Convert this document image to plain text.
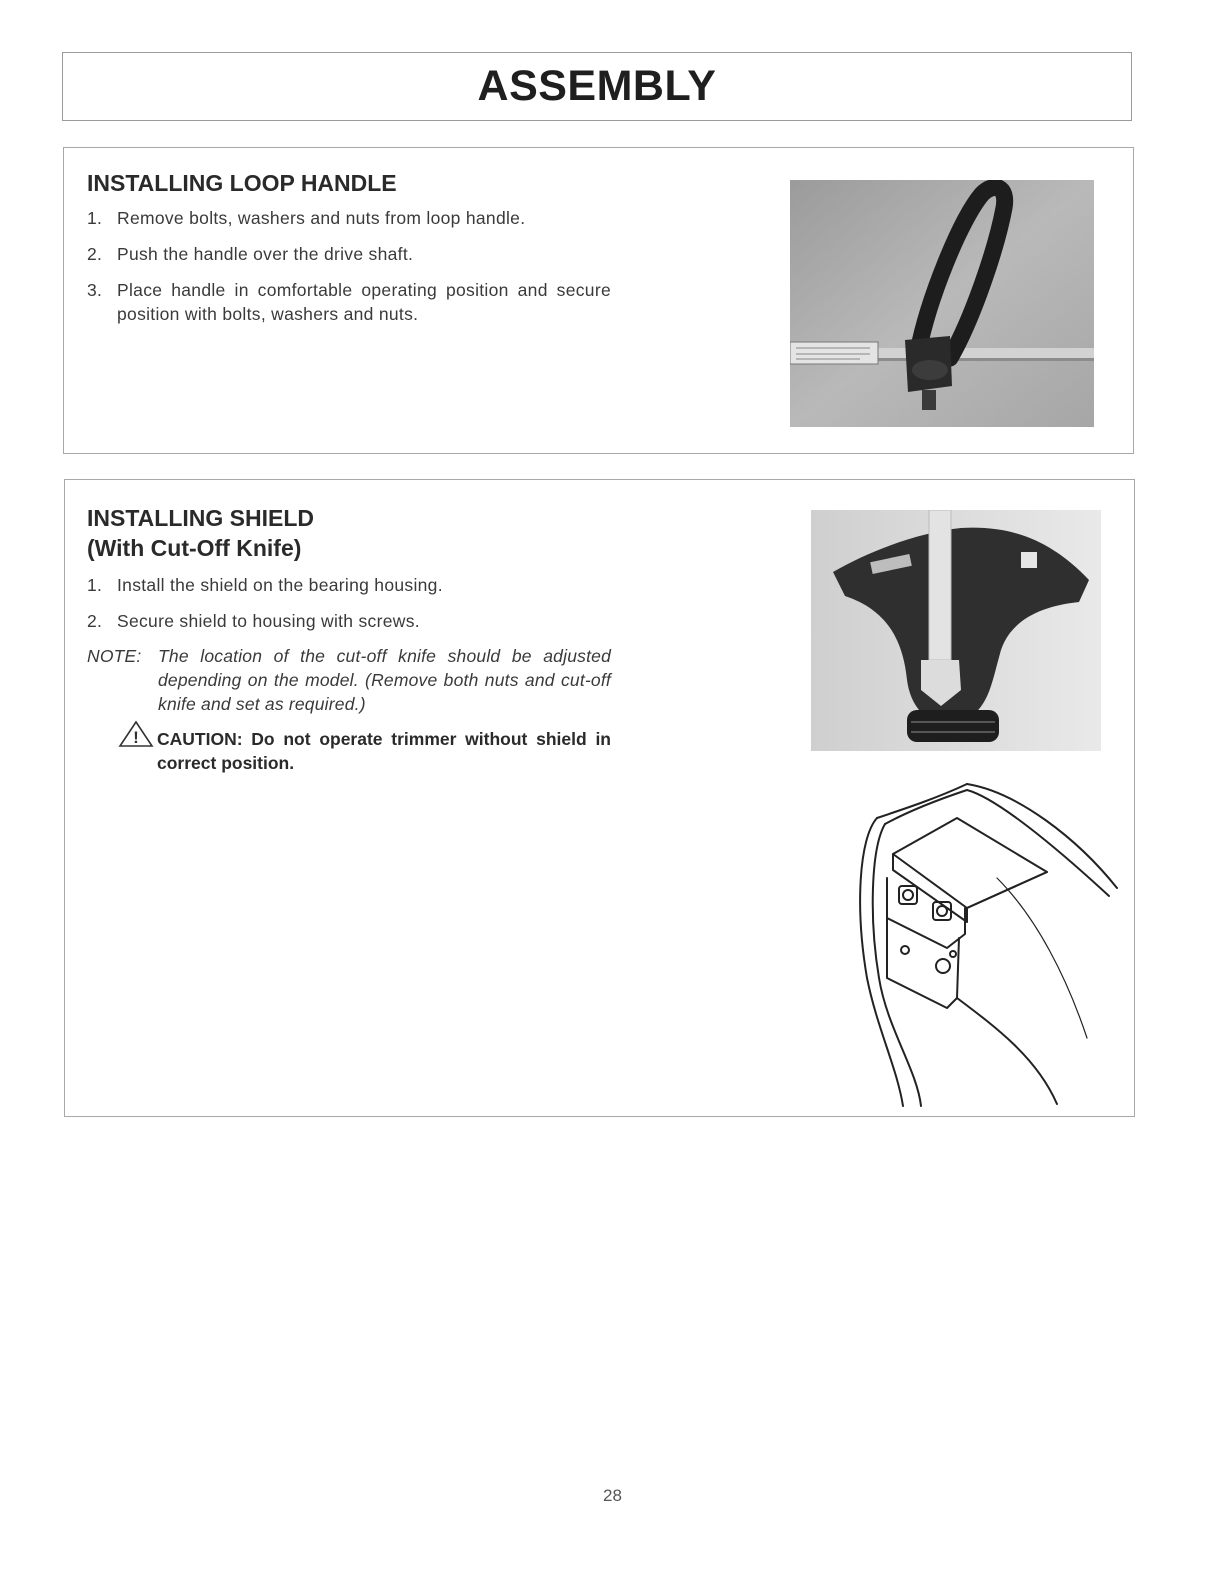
ASSEMBLY
INSTALLING LOOP HANDLE
1. Remove bolts, washers and nuts from loop handle.
2. Push the handle over the drive shaft.
3. Place handle in comfortable operating position and secure position with bolts, washers and nuts.
INSTALLING SHIELD
(With Cut-Off Knife)
1. Install the shield on the bearing housing.
2. Secure shield to housing with screws.
NOTE: The location of the cut-off knife should be adjusted depending on the model. (Remove both nuts and cut-off knife and set as required.)
! CAUTION: Do not operate trimmer without shield in correct position.
28
